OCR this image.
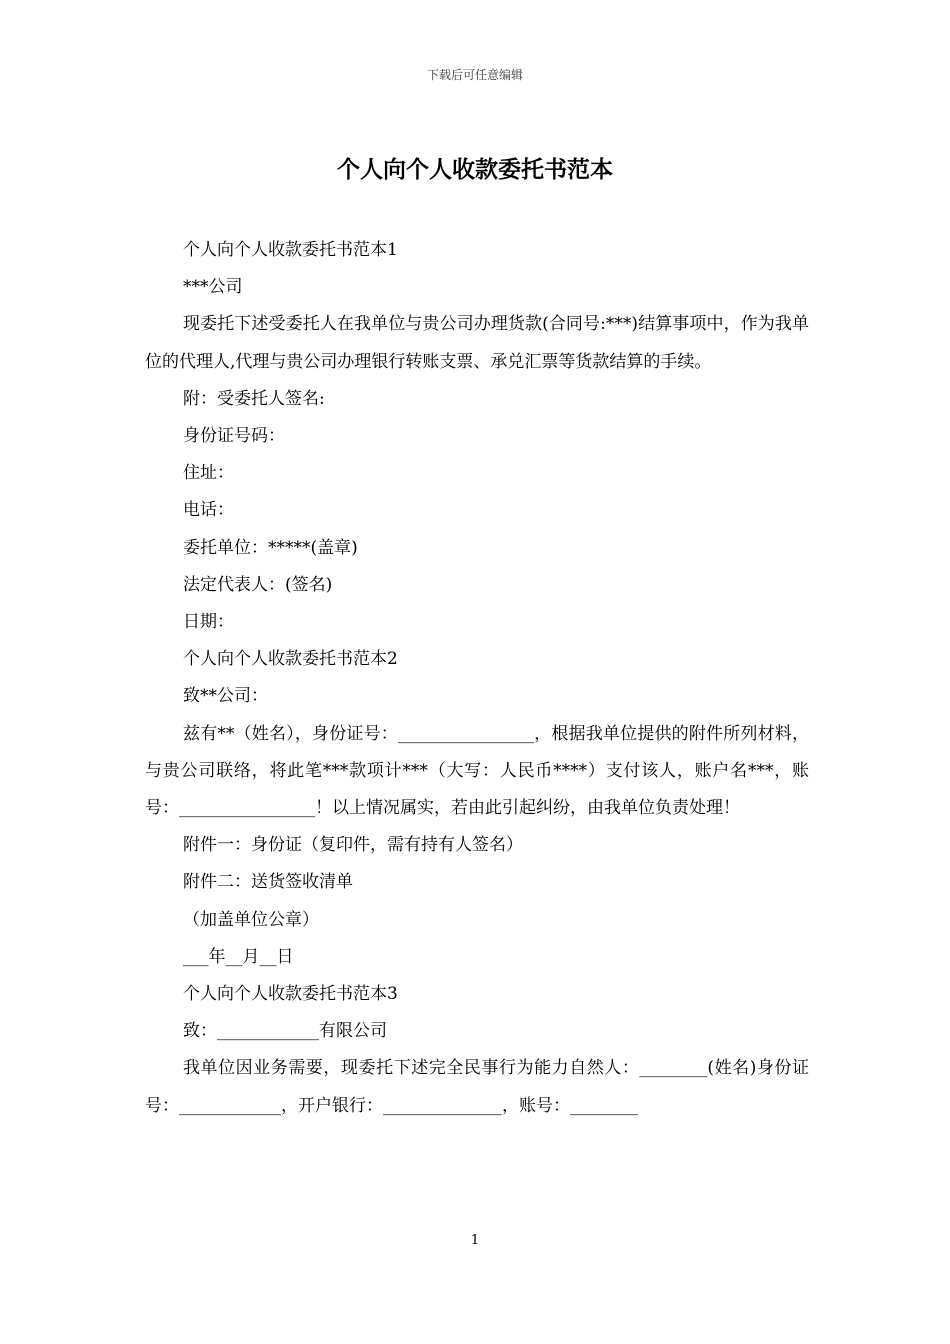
下载后可任意编辑
个人向个人收款委托书范本

个人向个人收款委托书范本1

***公司

现委托下述受委托人在我单位与贵公司办理货款(合同号:***)结算事项中，作为我单位的代理人,代理与贵公司办理银行转账支票、承兑汇票等货款结算的手续。

附：受委托人签名:

身份证号码：

住址：

电话：

委托单位：*****(盖章)

法定代表人：(签名)

日期：

个人向个人收款委托书范本2

致**公司：

兹有**（姓名），身份证号：________________，根据我单位提供的附件所列材料，与贵公司联络，将此笔***款项计***（大写：人民币****）支付该人，账户名***，账号：________________！以上情况属实，若由此引起纠纷，由我单位负责处理！

附件一：身份证（复印件，需有持有人签名）

附件二：送货签收清单

（加盖单位公章）

___年__月__日

个人向个人收款委托书范本3

致：____________有限公司

我单位因业务需要，现委托下述完全民事行为能力自然人：________(姓名)身份证号：____________，开户银行：______________，账号：________

1
